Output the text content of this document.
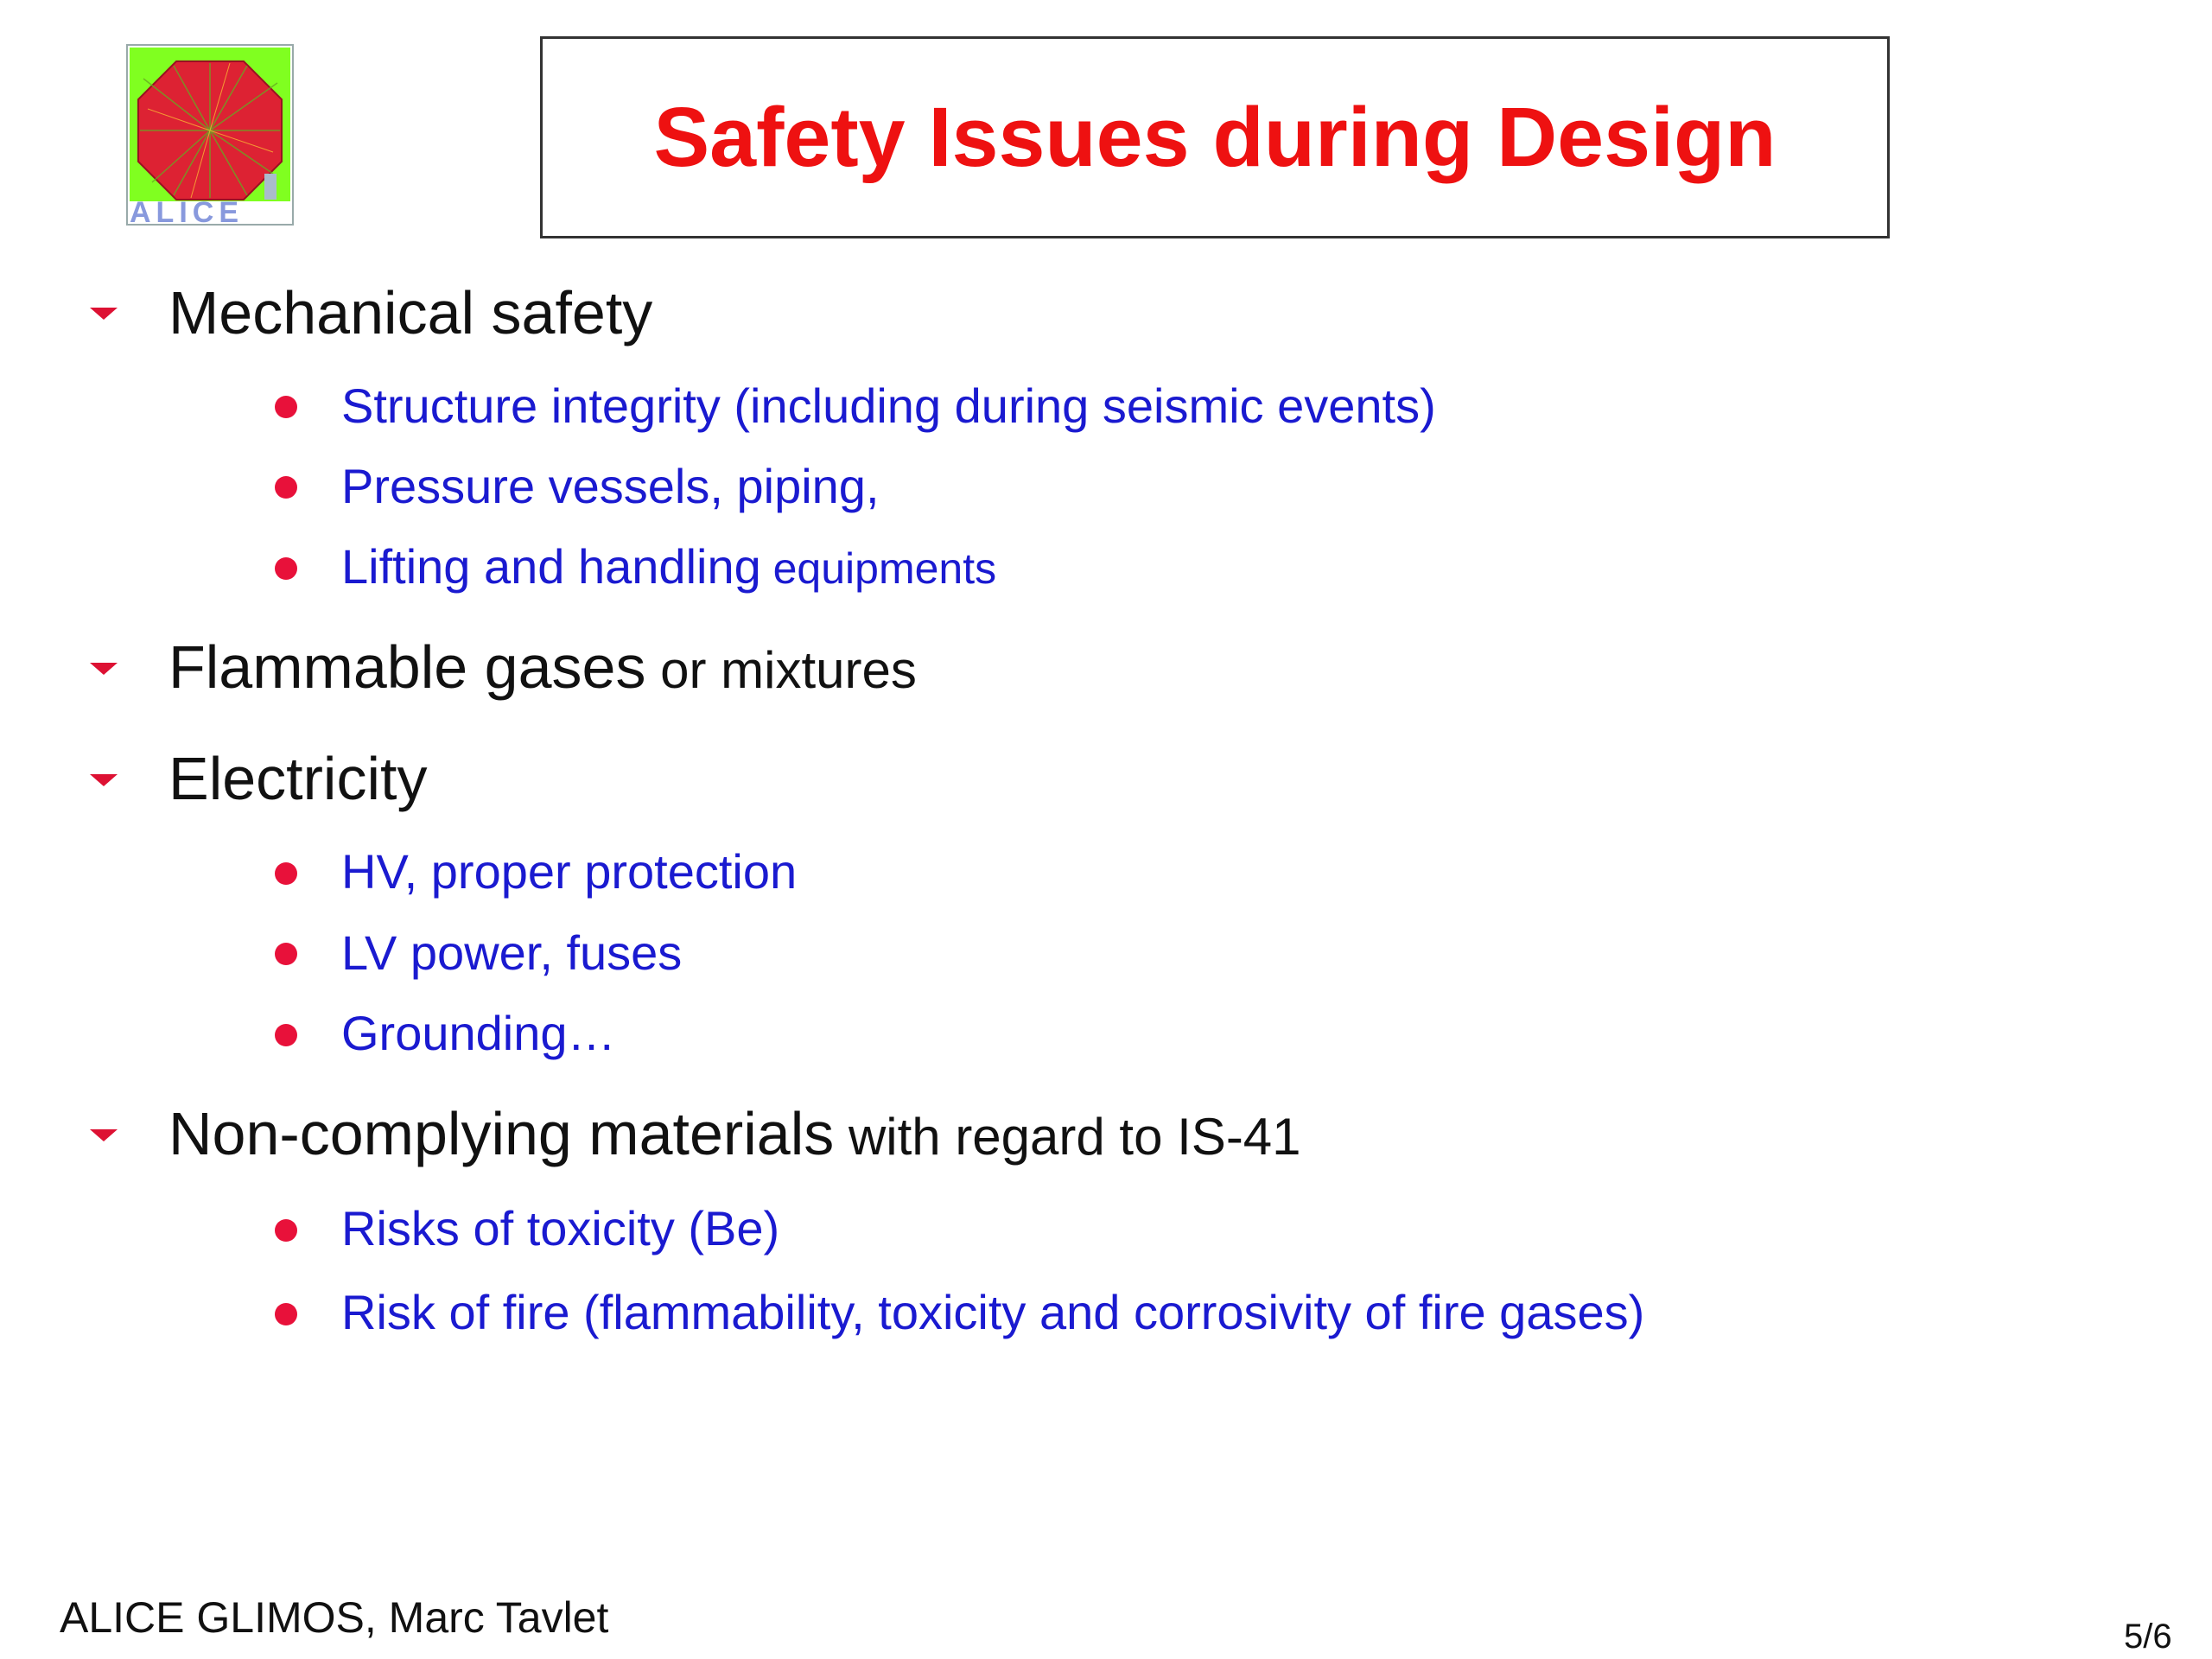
ALICE
Safety Issues during Design
Mechanical safety
Structure integrity (including during seismic events)
Pressure vessels, piping,
Lifting and handling equipments
Flammable gases or mixtures
Electricity
HV, proper protection
LV power, fuses
Grounding…
Non-complying materials with regard to IS-41
Risks of toxicity (Be)
Risk of fire (flammability, toxicity and corrosivity of fire gases)
ALICE GLIMOS, Marc Tavlet	5/6
